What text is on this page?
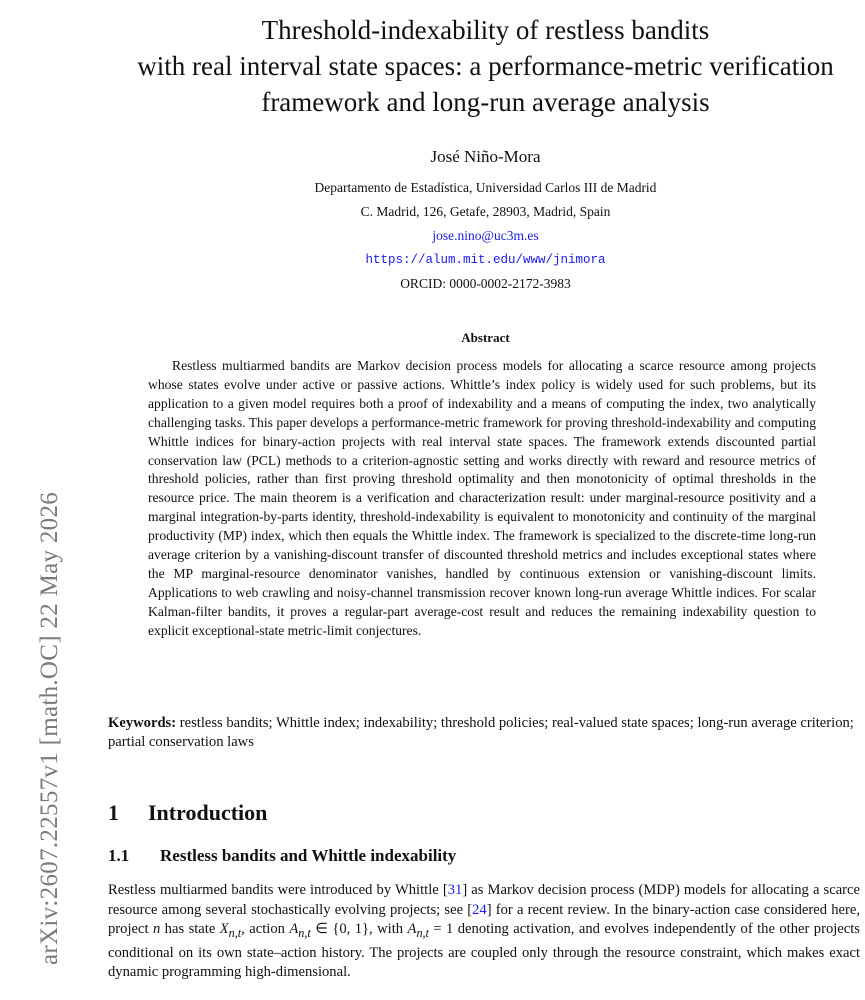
arXiv:2607.22557v1 [math.OC] 22 May 2026
Threshold-indexability of restless bandits
with real interval state spaces: a performance-metric verification
framework and long-run average analysis
José Niño-Mora
Departamento de Estadística, Universidad Carlos III de Madrid
C. Madrid, 126, Getafe, 28903, Madrid, Spain
jose.nino@uc3m.es
https://alum.mit.edu/www/jnimora
ORCID: 0000-0002-2172-3983
Abstract
Restless multiarmed bandits are Markov decision process models for allocating a scarce resource among projects whose states evolve under active or passive actions. Whittle’s index policy is widely used for such problems, but its application to a given model requires both a proof of indexability and a means of computing the index, two analytically challenging tasks. This paper develops a performance-metric framework for proving threshold-indexability and computing Whittle indices for binary-action projects with real interval state spaces. The framework extends discounted partial conservation law (PCL) methods to a criterion-agnostic setting and works directly with reward and resource metrics of threshold policies, rather than first proving threshold optimality and then monotonicity of optimal thresholds in the resource price. The main theorem is a verification and characterization result: under marginal-resource positivity and a marginal integration-by-parts identity, threshold-indexability is equivalent to monotonicity and continuity of the marginal productivity (MP) index, which then equals the Whittle index. The framework is specialized to the discrete-time long-run average criterion by a vanishing-discount transfer of discounted threshold metrics and includes exceptional states where the MP marginal-resource denominator vanishes, handled by continuous extension or vanishing-discount limits. Applications to web crawling and noisy-channel transmission recover known long-run average Whittle indices. For scalar Kalman-filter bandits, it proves a regular-part average-cost result and reduces the remaining indexability question to explicit exceptional-state metric-limit conjectures.
Keywords: restless bandits; Whittle index; indexability; threshold policies; real-valued state spaces; long-run average criterion; partial conservation laws
1 Introduction
1.1 Restless bandits and Whittle indexability
Restless multiarmed bandits were introduced by Whittle [31] as Markov decision process (MDP) models for allocating a scarce resource among several stochastically evolving projects; see [24] for a recent review. In the binary-action case considered here, project n has state $X_{n,t}$, action $A_{n,t}$ ∈ {0, 1}, with $A_{n,t} = 1$ denoting activation, and evolves independently of the other projects conditional on its own state–action history. The projects are coupled only through the resource constraint, which makes exact dynamic programming high-dimensional.
